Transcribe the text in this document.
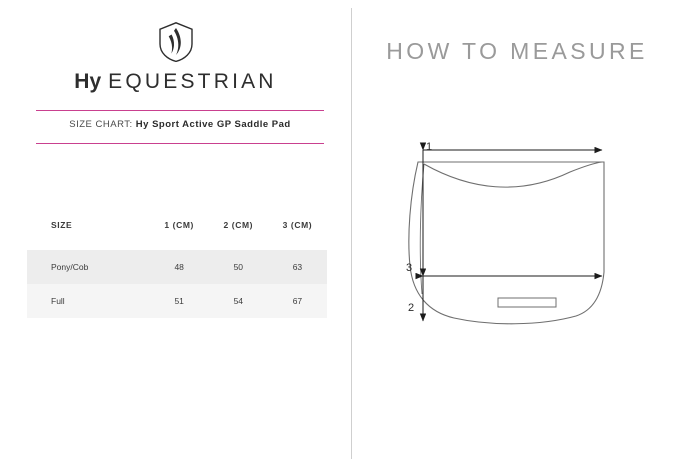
Hy EQUESTRIAN
SIZE CHART: Hy Sport Active GP Saddle Pad
SIZE	1 (CM)	2 (CM)	3 (CM)
Pony/Cob	48	50	63
Full	51	54	67
HOW TO MEASURE
1
2
3
